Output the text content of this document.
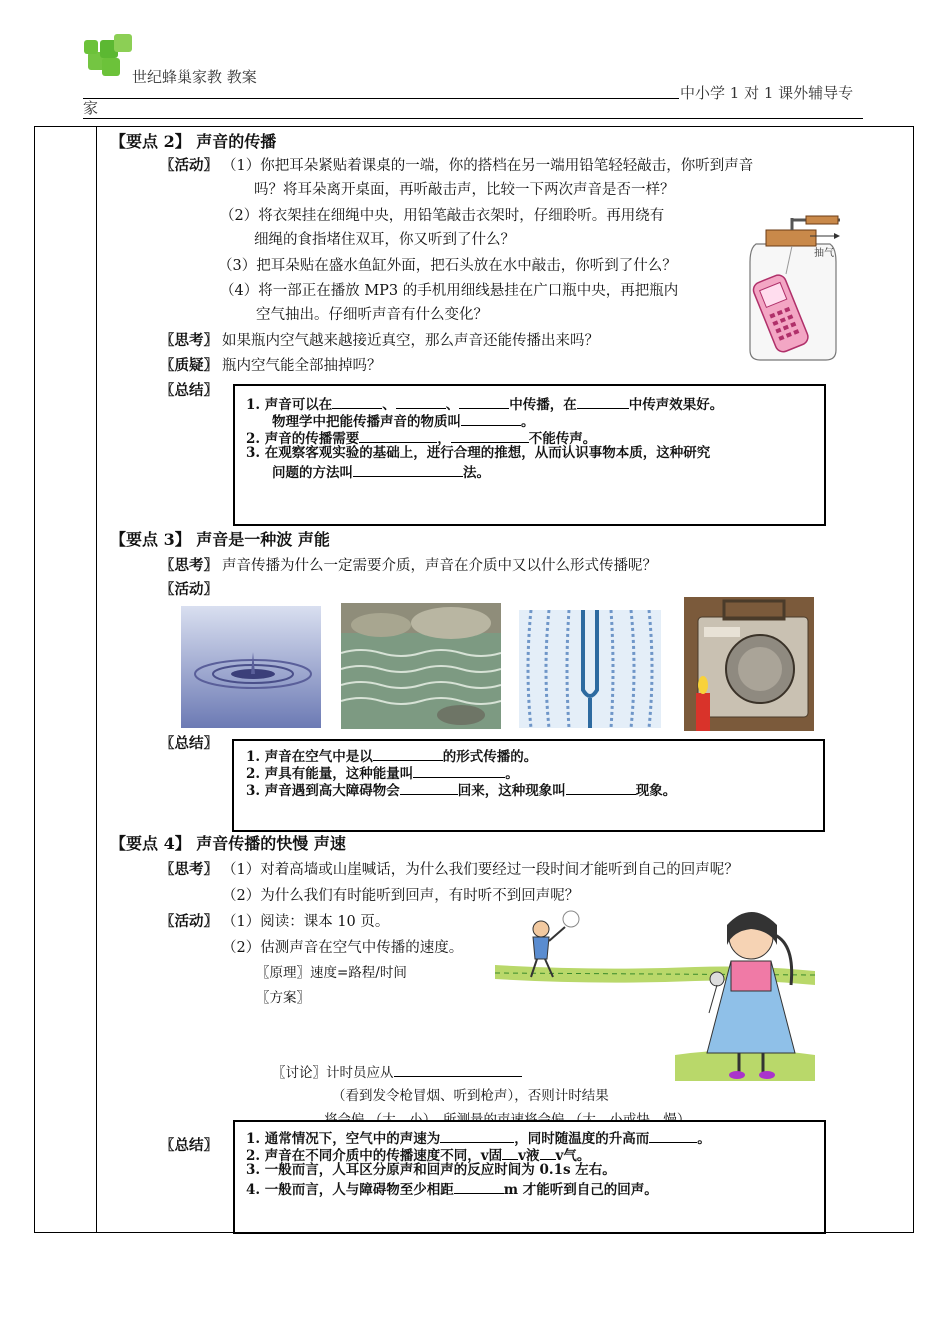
世纪蜂巢家教 教案
中小学 1 对 1 课外辅导专
家
【要点 2】 声音的传播
〖活动〗 （1）你把耳朵紧贴着课桌的一端，你的搭档在另一端用铅笔轻轻敲击，你听到声音
吗？将耳朵离开桌面，再听敲击声，比较一下两次声音是否一样？
（2）将衣架挂在细绳中央，用铅笔敲击衣架时，仔细聆听。再用绕有
细绳的食指堵住双耳，你又听到了什么？
（3）把耳朵贴在盛水鱼缸外面，把石头放在水中敲击，你听到了什么？
（4）将一部正在播放 MP3 的手机用细线悬挂在广口瓶中央，再把瓶内
空气抽出。仔细听声音有什么变化？
〖思考〗 如果瓶内空气越来越接近真空，那么声音还能传播出来吗？
〖质疑〗 瓶内空气能全部抽掉吗？
〖总结〗
抽气
1. 声音可以在	、	、	中传播，在	中传声效果好。
物理学中把能传播声音的物质叫	。
2. 声音的传播需要	，	不能传声。
3. 在观察客观实验的基础上，进行合理的推想，从而认识事物本质，这种研究
问题的方法叫	法。
【要点 3】 声音是一种波 声能
〖思考〗 声音传播为什么一定需要介质，声音在介质中又以什么形式传播呢？
〖活动〗
〖总结〗
1. 声音在空气中是以	的形式传播的。
2. 声具有能量，这种能量叫	。
3. 声音遇到高大障碍物会	回来，这种现象叫	现象。
【要点 4】 声音传播的快慢 声速
〖思考〗 （1）对着高墙或山崖喊话，为什么我们要经过一段时间才能听到自己的回声呢？
（2）为什么我们有时能听到回声，有时听不到回声呢？
〖活动〗 （1）阅读：课本 10 页。
（2）估测声音在空气中传播的速度。
〖原理〗速度=路程/时间
〖方案〗
〖讨论〗计时员应从
（看到发令枪冒烟、听到枪声），否则计时结果
〖总结〗 1. 通常情况下，空气中的声速为	，同时随温度的升高而	。
2. 声音在不同介质中的传播速度不同，v固 v液 v气。
3. 一般而言，人耳区分原声和回声的反应时间为 0.1s 左右。
4. 一般而言，人与障碍物至少相距	m 才能听到自己的回声。
